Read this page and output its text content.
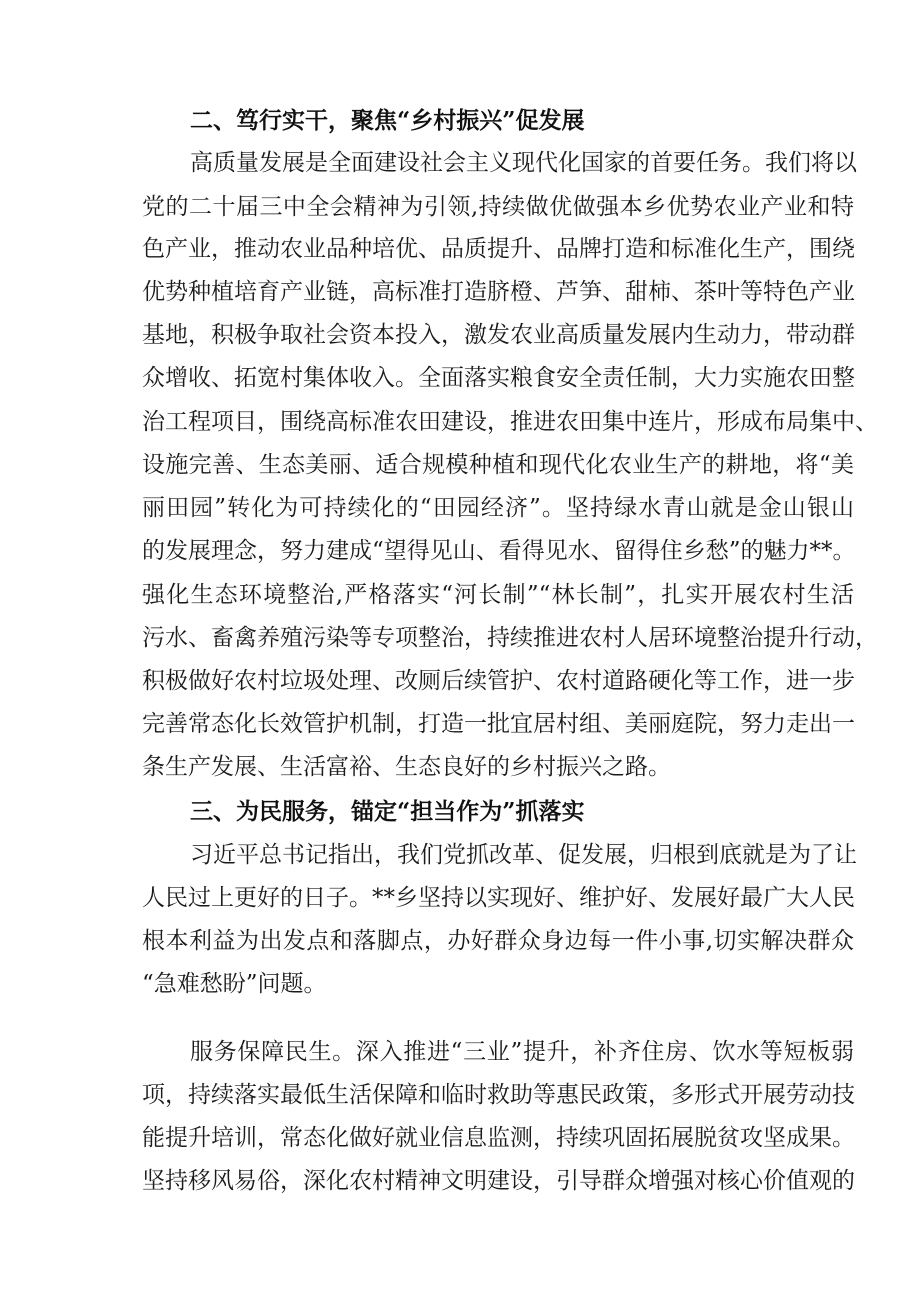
二、笃行实干，聚焦“乡村振兴”促发展
高质量发展是全面建设社会主义现代化国家的首要任务。我们将以
党的二十届三中全会精神为引领,持续做优做强本乡优势农业产业和特
色产业，推动农业品种培优、品质提升、品牌打造和标准化生产，围绕
优势种植培育产业链，高标准打造脐橙、芦笋、甜柿、茶叶等特色产业
基地，积极争取社会资本投入，激发农业高质量发展内生动力，带动群
众增收、拓宽村集体收入。全面落实粮食安全责任制，大力实施农田整
治工程项目，围绕高标准农田建设，推进农田集中连片，形成布局集中、
设施完善、生态美丽、适合规模种植和现代化农业生产的耕地，将“美
丽田园”转化为可持续化的“田园经济”。坚持绿水青山就是金山银山
的发展理念，努力建成“望得见山、看得见水、留得住乡愁”的魅力**。
强化生态环境整治,严格落实“河长制”“林长制”，扎实开展农村生活
污水、畜禽养殖污染等专项整治，持续推进农村人居环境整治提升行动，
积极做好农村垃圾处理、改厕后续管护、农村道路硬化等工作，进一步
完善常态化长效管护机制，打造一批宜居村组、美丽庭院，努力走出一
条生产发展、生活富裕、生态良好的乡村振兴之路。
三、为民服务，锚定“担当作为”抓落实
习近平总书记指出，我们党抓改革、促发展，归根到底就是为了让
人民过上更好的日子。**乡坚持以实现好、维护好、发展好最广大人民
根本利益为出发点和落脚点，办好群众身边每一件小事,切实解决群众
“急难愁盼”问题。
服务保障民生。深入推进“三业”提升，补齐住房、饮水等短板弱
项，持续落实最低生活保障和临时救助等惠民政策，多形式开展劳动技
能提升培训，常态化做好就业信息监测，持续巩固拓展脱贫攻坚成果。
坚持移风易俗，深化农村精神文明建设，引导群众增强对核心价值观的
